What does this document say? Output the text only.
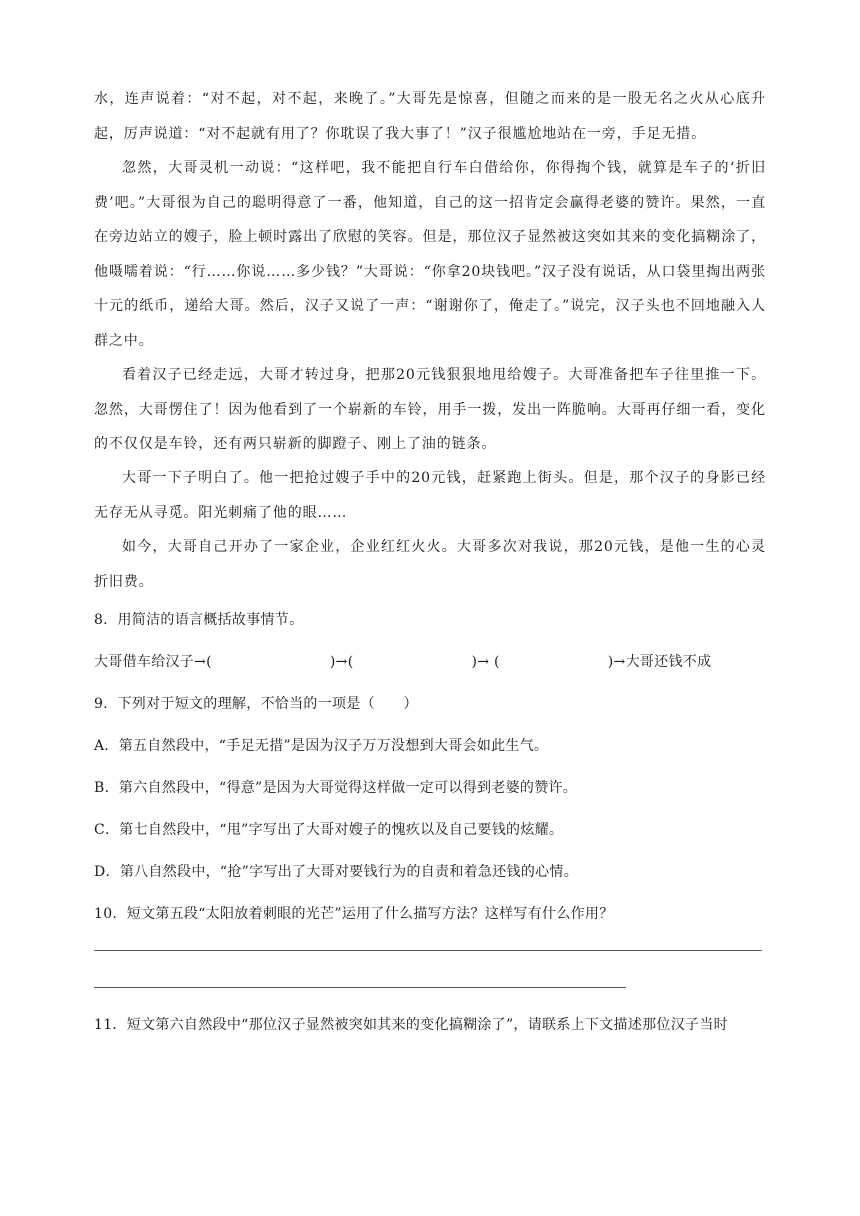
水，连声说着：“对不起，对不起，来晚了。”大哥先是惊喜，但随之而来的是一股无名之火从心底升起，厉声说道：“对不起就有用了？你耽误了我大事了！”汉子很尴尬地站在一旁，手足无措。

忽然，大哥灵机一动说：“这样吧，我不能把自行车白借给你，你得掏个钱，就算是车子的‘折旧费’吧。”大哥很为自己的聪明得意了一番，他知道，自己的这一招肯定会赢得老婆的赞许。果然，一直在旁边站立的嫂子，脸上顿时露出了欣慰的笑容。但是，那位汉子显然被这突如其来的变化搞糊涂了，他嗫嚅着说：“行……你说……多少钱？”大哥说：“你拿20块钱吧。”汉子没有说话，从口袋里掏出两张十元的纸币，递给大哥。然后，汉子又说了一声：“谢谢你了，俺走了。”说完，汉子头也不回地融入人群之中。

看着汉子已经走远，大哥才转过身，把那20元钱狠狠地甩给嫂子。大哥准备把车子往里推一下。忽然，大哥愣住了！因为他看到了一个崭新的车铃，用手一拨，发出一阵脆响。大哥再仔细一看，变化的不仅仅是车铃，还有两只崭新的脚蹬子、刚上了油的链条。

大哥一下子明白了。他一把抢过嫂子手中的20元钱，赶紧跑上街头。但是，那个汉子的身影已经无存无从寻觅。阳光刺痛了他的眼……

如今，大哥自己开办了一家企业，企业红红火火。大哥多次对我说，那20元钱，是他一生的心灵折旧费。

8．用简洁的语言概括故事情节。

大哥借车给汉子→(	)→(	)→ (	)→大哥还钱不成

9．下列对于短文的理解，不恰当的一项是（　　）

A．第五自然段中，“手足无措”是因为汉子万万没想到大哥会如此生气。

B．第六自然段中，“得意”是因为大哥觉得这样做一定可以得到老婆的赞许。

C．第七自然段中，“甩”字写出了大哥对嫂子的愧疚以及自己要钱的炫耀。

D．第八自然段中，“抢”字写出了大哥对要钱行为的自责和着急还钱的心情。

10．短文第五段“太阳放着刺眼的光芒”运用了什么描写方法？这样写有什么作用？

11．短文第六自然段中“那位汉子显然被突如其来的变化搞糊涂了”，请联系上下文描述那位汉子当时
